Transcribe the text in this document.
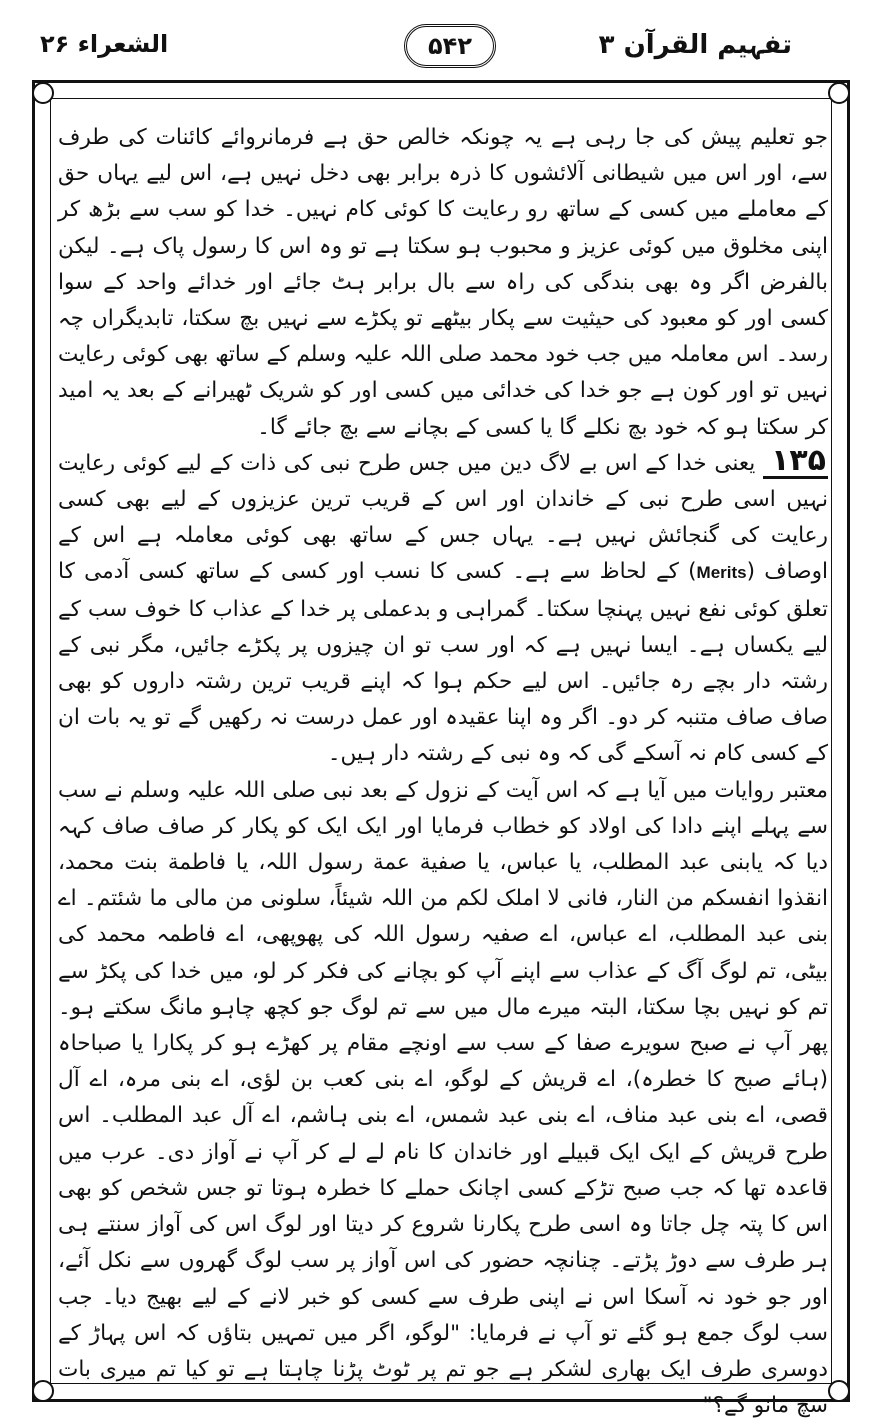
تفہیم القرآن ۳
۵۴۲
الشعراء ۲۶

جو تعلیم پیش کی جا رہی ہے یہ چونکہ خالص حق ہے فرمانروائے کائنات کی طرف سے، اور اس میں شیطانی آلائشوں کا ذرہ برابر بھی دخل نہیں ہے، اس لیے یہاں حق کے معاملے میں کسی کے ساتھ رو رعایت کا کوئی کام نہیں۔ خدا کو سب سے بڑھ کر اپنی مخلوق میں کوئی عزیز و محبوب ہو سکتا ہے تو وہ اس کا رسول پاک ہے۔ لیکن بالفرض اگر وہ بھی بندگی کی راہ سے بال برابر ہٹ جائے اور خدائے واحد کے سوا کسی اور کو معبود کی حیثیت سے پکار بیٹھے تو پکڑے سے نہیں بچ سکتا، تابدیگراں چہ رسد۔ اس معاملہ میں جب خود محمد صلی اللہ علیہ وسلم کے ساتھ بھی کوئی رعایت نہیں تو اور کون ہے جو خدا کی خدائی میں کسی اور کو شریک ٹھیرانے کے بعد یہ امید کر سکتا ہو کہ خود بچ نکلے گا یا کسی کے بچانے سے بچ جائے گا۔

۱۳۵ یعنی خدا کے اس بے لاگ دین میں جس طرح نبی کی ذات کے لیے کوئی رعایت نہیں اسی طرح نبی کے خاندان اور اس کے قریب ترین عزیزوں کے لیے بھی کسی رعایت کی گنجائش نہیں ہے۔ یہاں جس کے ساتھ بھی کوئی معاملہ ہے اس کے اوصاف (Merits) کے لحاظ سے ہے۔ کسی کا نسب اور کسی کے ساتھ کسی آدمی کا تعلق کوئی نفع نہیں پہنچا سکتا۔ گمراہی و بدعملی پر خدا کے عذاب کا خوف سب کے لیے یکساں ہے۔ ایسا نہیں ہے کہ اور سب تو ان چیزوں پر پکڑے جائیں، مگر نبی کے رشتہ دار بچے رہ جائیں۔ اس لیے حکم ہوا کہ اپنے قریب ترین رشتہ داروں کو بھی صاف صاف متنبہ کر دو۔ اگر وہ اپنا عقیدہ اور عمل درست نہ رکھیں گے تو یہ بات ان کے کسی کام نہ آسکے گی کہ وہ نبی کے رشتہ دار ہیں۔

معتبر روایات میں آیا ہے کہ اس آیت کے نزول کے بعد نبی صلی اللہ علیہ وسلم نے سب سے پہلے اپنے دادا کی اولاد کو خطاب فرمایا اور ایک ایک کو پکار کر صاف صاف کہہ دیا کہ یابنی عبد المطلب، یا عباس، یا صفیة عمة رسول اللہ، یا فاطمة بنت محمد، انقذوا انفسکم من النار، فانی لا املک لکم من اللہ شیئاً، سلونی من مالی ما شئتم۔ اے بنی عبد المطلب، اے عباس، اے صفیہ رسول اللہ کی پھوپھی، اے فاطمہ محمد کی بیٹی، تم لوگ آگ کے عذاب سے اپنے آپ کو بچانے کی فکر کر لو، میں خدا کی پکڑ سے تم کو نہیں بچا سکتا، البتہ میرے مال میں سے تم لوگ جو کچھ چاہو مانگ سکتے ہو۔ پھر آپ نے صبح سویرے صفا کے سب سے اونچے مقام پر کھڑے ہو کر پکارا یا صباحاہ (ہائے صبح کا خطرہ)، اے قریش کے لوگو، اے بنی کعب بن لؤی، اے بنی مرہ، اے آل قصی، اے بنی عبد مناف، اے بنی عبد شمس، اے بنی ہاشم، اے آل عبد المطلب۔ اس طرح قریش کے ایک ایک قبیلے اور خاندان کا نام لے لے کر آپ نے آواز دی۔ عرب میں قاعدہ تھا کہ جب صبح تڑکے کسی اچانک حملے کا خطرہ ہوتا تو جس شخص کو بھی اس کا پتہ چل جاتا وہ اسی طرح پکارنا شروع کر دیتا اور لوگ اس کی آواز سنتے ہی ہر طرف سے دوڑ پڑتے۔ چنانچہ حضور کی اس آواز پر سب لوگ گھروں سے نکل آئے، اور جو خود نہ آسکا اس نے اپنی طرف سے کسی کو خبر لانے کے لیے بھیج دیا۔ جب سب لوگ جمع ہو گئے تو آپ نے فرمایا: "لوگو، اگر میں تمہیں بتاؤں کہ اس پہاڑ کے دوسری طرف ایک بھاری لشکر ہے جو تم پر ٹوٹ پڑنا چاہتا ہے تو کیا تم میری بات سچ مانو گے؟"
